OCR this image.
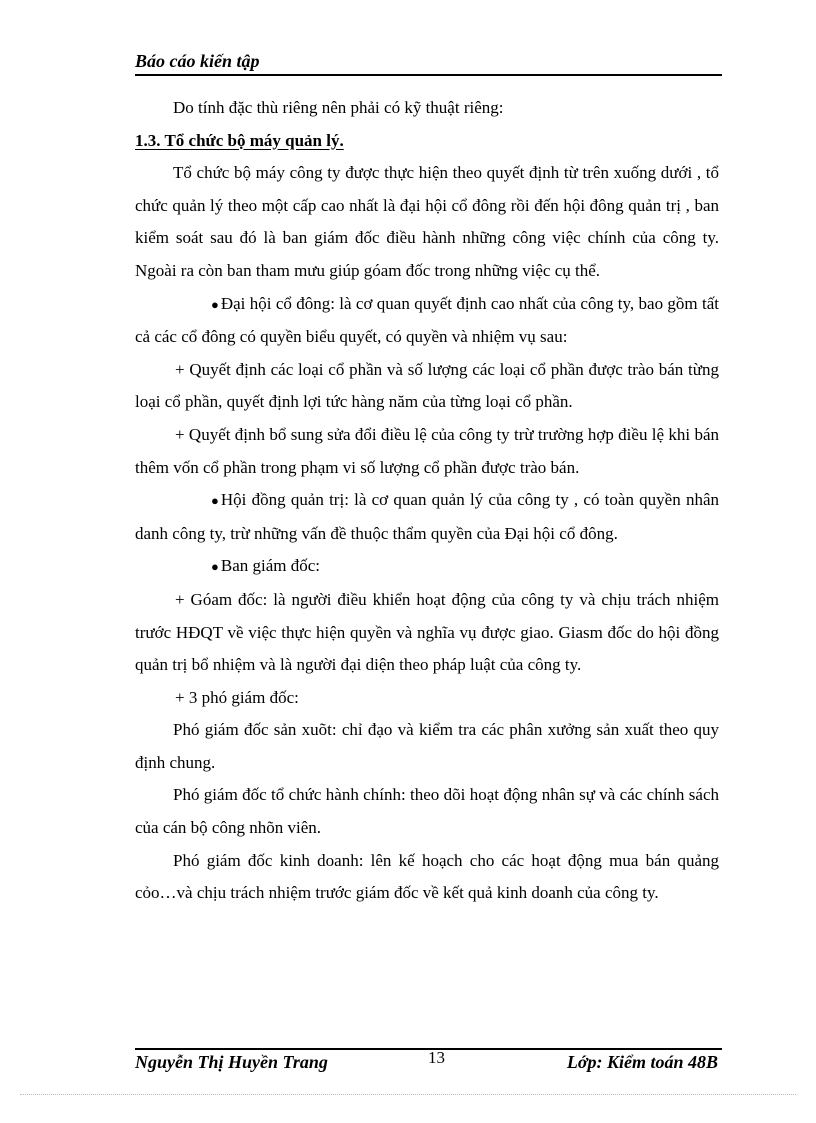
Báo cáo kiến tập

Do tính đặc thù riêng nên phải có kỹ thuật riêng:

1.3. Tổ chức bộ máy quản lý.

Tổ chức bộ máy công ty được thực hiện theo quyết định từ trên xuống dưới , tổ chức quản lý theo một cấp cao nhất là đại hội cổ đông rồi đến hội đông quản trị , ban kiểm soát sau đó là ban giám đốc điều hành những công việc chính của công ty. Ngoài ra còn ban tham mưu giúp góam đốc trong những việc cụ thể.

● Đại hội cổ đông: là cơ quan quyết định cao nhất của công ty, bao gồm tất cả các cổ đông có quyền biểu quyết, có quyền và nhiệm vụ sau:

+ Quyết định các loại cổ phần và số lượng các loại cổ phần được trào bán từng loại cổ phần, quyết định lợi tức hàng năm của từng loại cổ phần.

+ Quyết định bổ sung sửa đổi điều lệ của công ty trừ trường hợp điều lệ khi bán thêm vốn cổ phần trong phạm vi số lượng cổ phần được trào bán.

● Hội đồng quản trị: là cơ quan quản lý của công ty , có toàn quyền nhân danh công ty, trừ những vấn đề thuộc thẩm quyền của Đại hội cổ đông.

● Ban giám đốc:

+ Góam đốc: là người điều khiển hoạt động của công ty và chịu trách nhiệm trước HĐQT về việc thực hiện quyền và nghĩa vụ được giao. Giasm đốc do hội đồng quản trị bổ nhiệm và là người đại diện theo pháp luật của công ty.

+ 3 phó giám đốc:

Phó giám đốc sản xuõt: chỉ đạo và kiểm tra các phân xưởng sản xuất theo quy định chung.

Phó giám đốc tổ chức hành chính: theo dõi hoạt động nhân sự và các chính sách của cán bộ công nhõn viên.

Phó giám đốc kinh doanh: lên kế hoạch cho các hoạt động mua bán quảng cỏo…và chịu trách nhiệm trước giám đốc về kết quả kinh doanh của công ty.

Nguyễn Thị Huyền Trang	13	Lớp: Kiểm toán 48B
